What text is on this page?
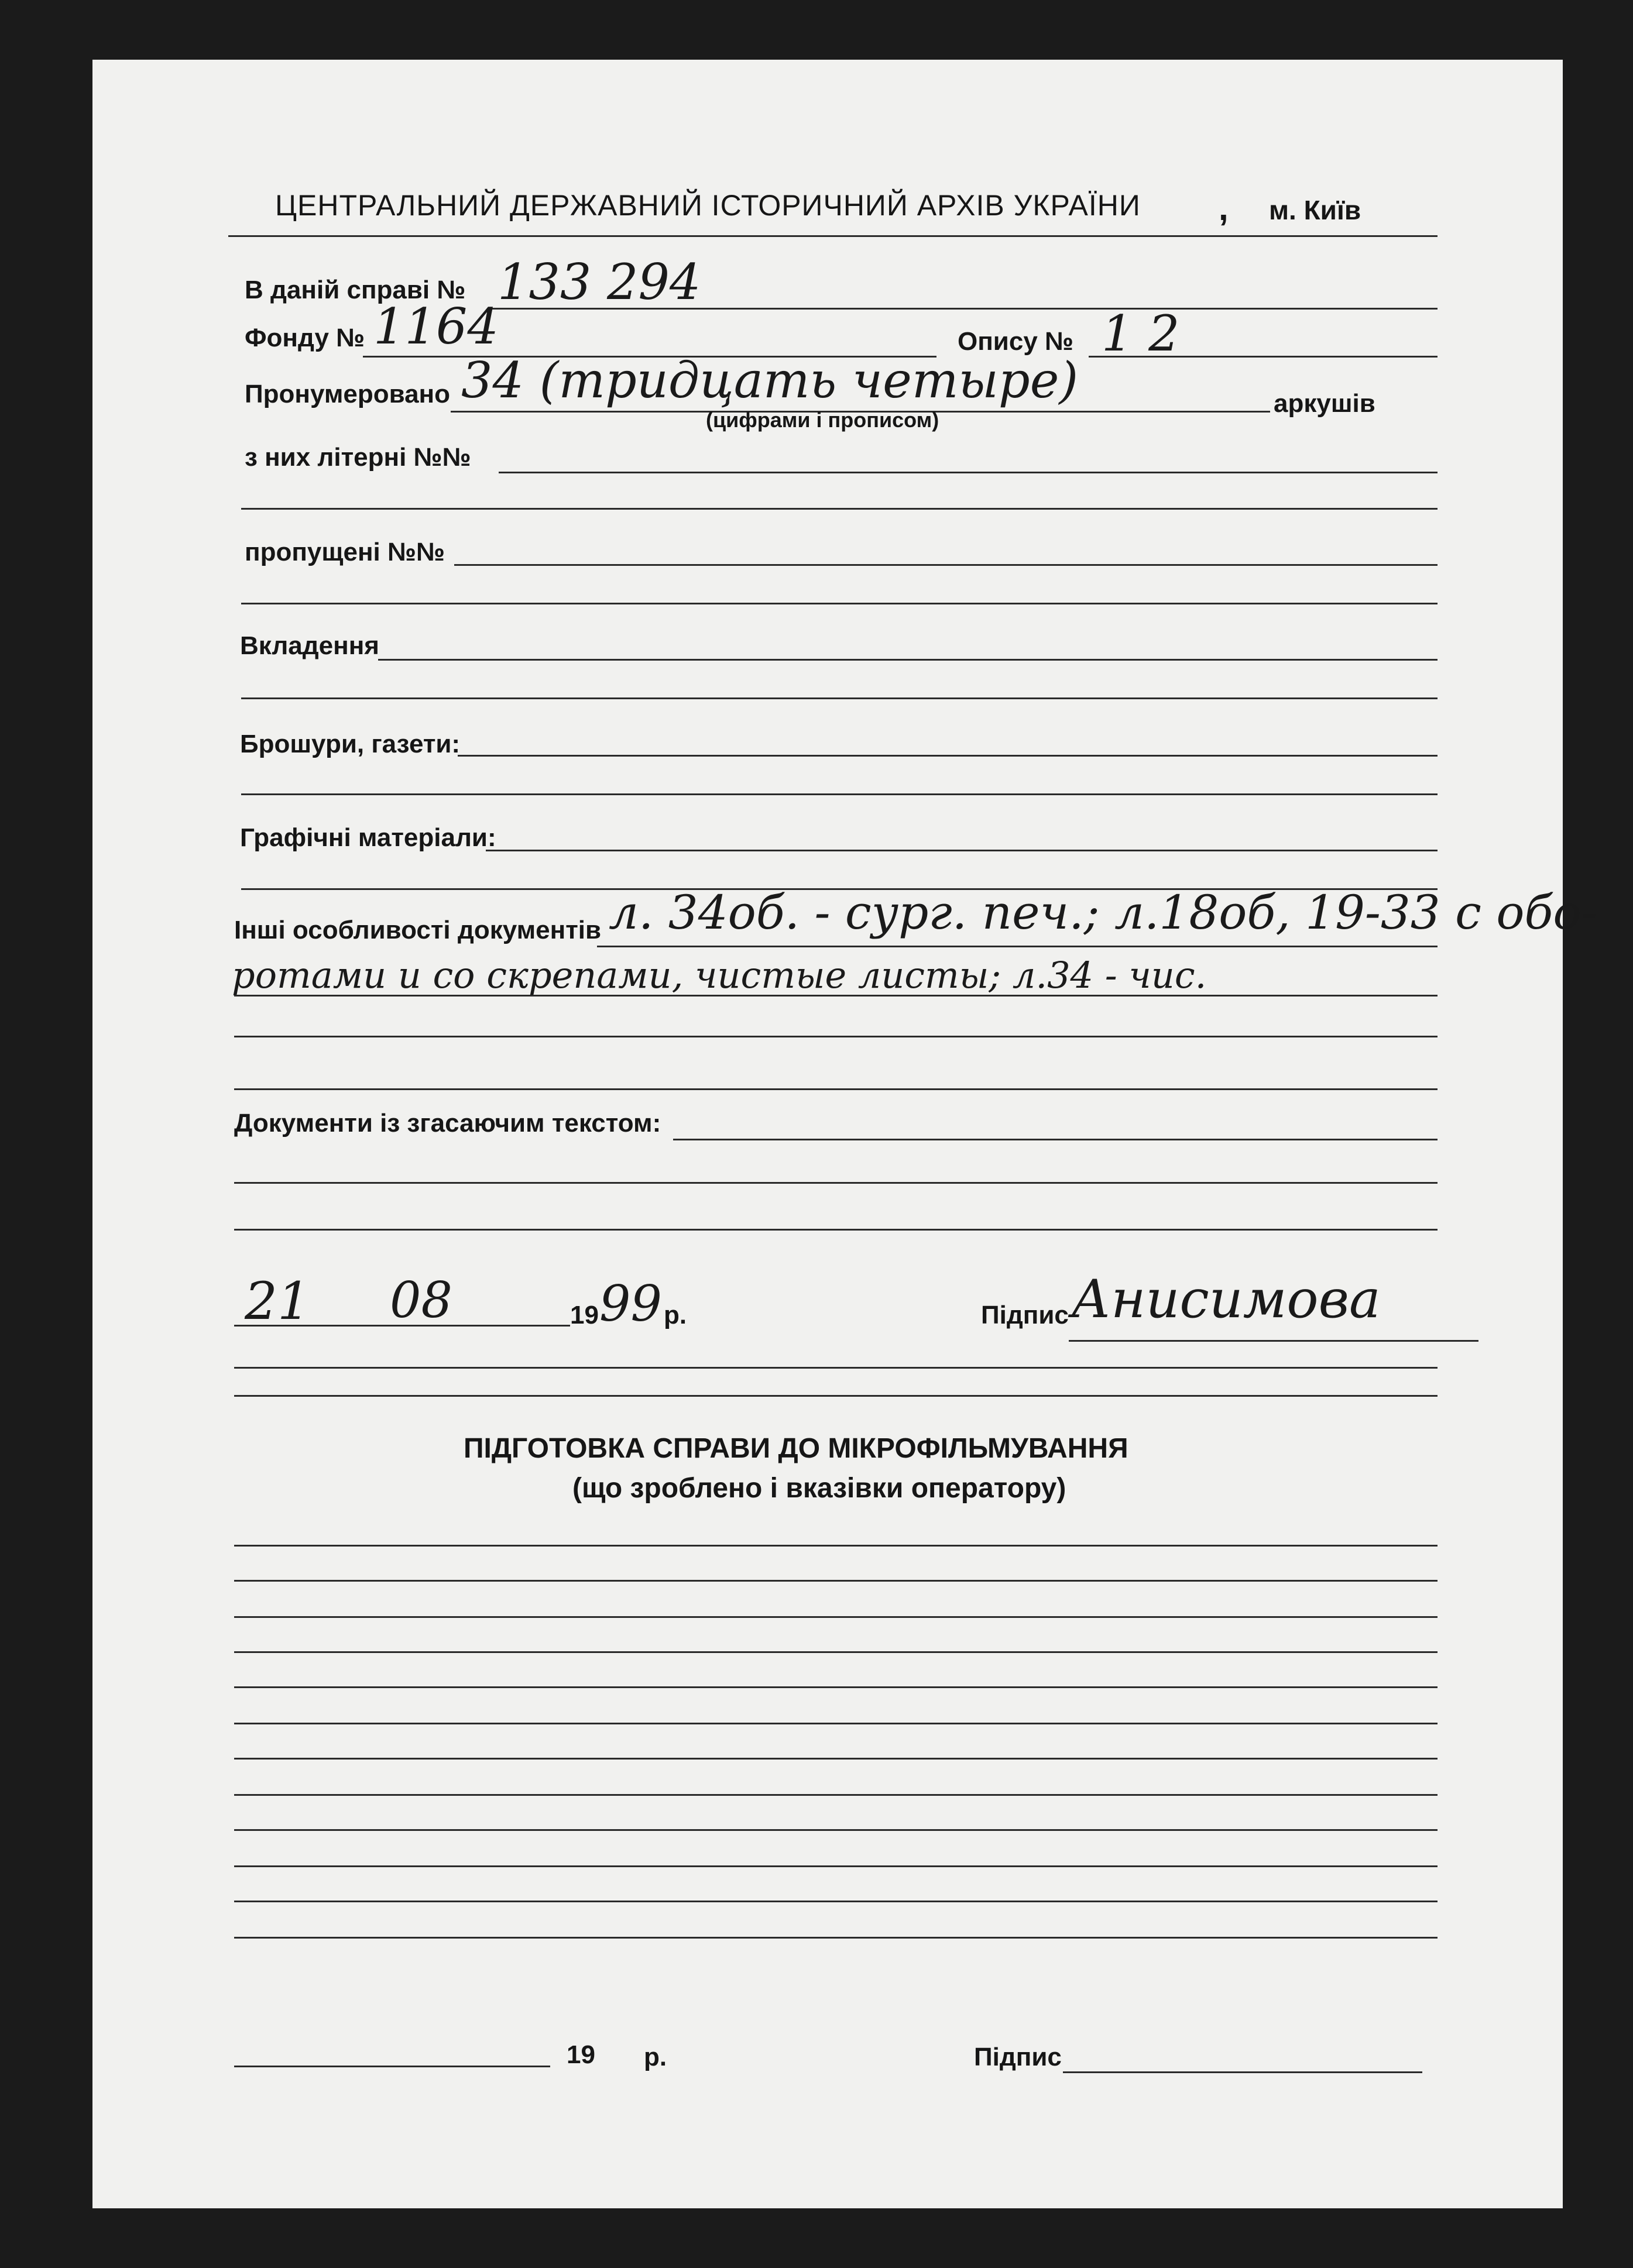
ЦЕНТРАЛЬНИЙ ДЕРЖАВНИЙ ІСТОРИЧНИЙ АРХІВ УКРАЇНИ , м. Київ
В даній справі № 133 294
Фонду № 1164	Опису № 1 2
Пронумеровано 34 (тридцать четыре)
(цифрами і прописом)
аркушів
з них літерні №№
пропущені №№
Вкладення
Брошури, газети:
Графічні матеріали:
Інші особливості документів л. 34об. - сург. печ.; л.18об, 19-33 с обо-
ротами и со скрепами, чистые листы; л.34 - чис.
Документи із згасаючим текстом:
21 08	19 99 р.	Підпис Анисимова
ПІДГОТОВКА СПРАВИ ДО МІКРОФІЛЬМУВАННЯ
(що зроблено і вказівки оператору)
19 р.	Підпис
